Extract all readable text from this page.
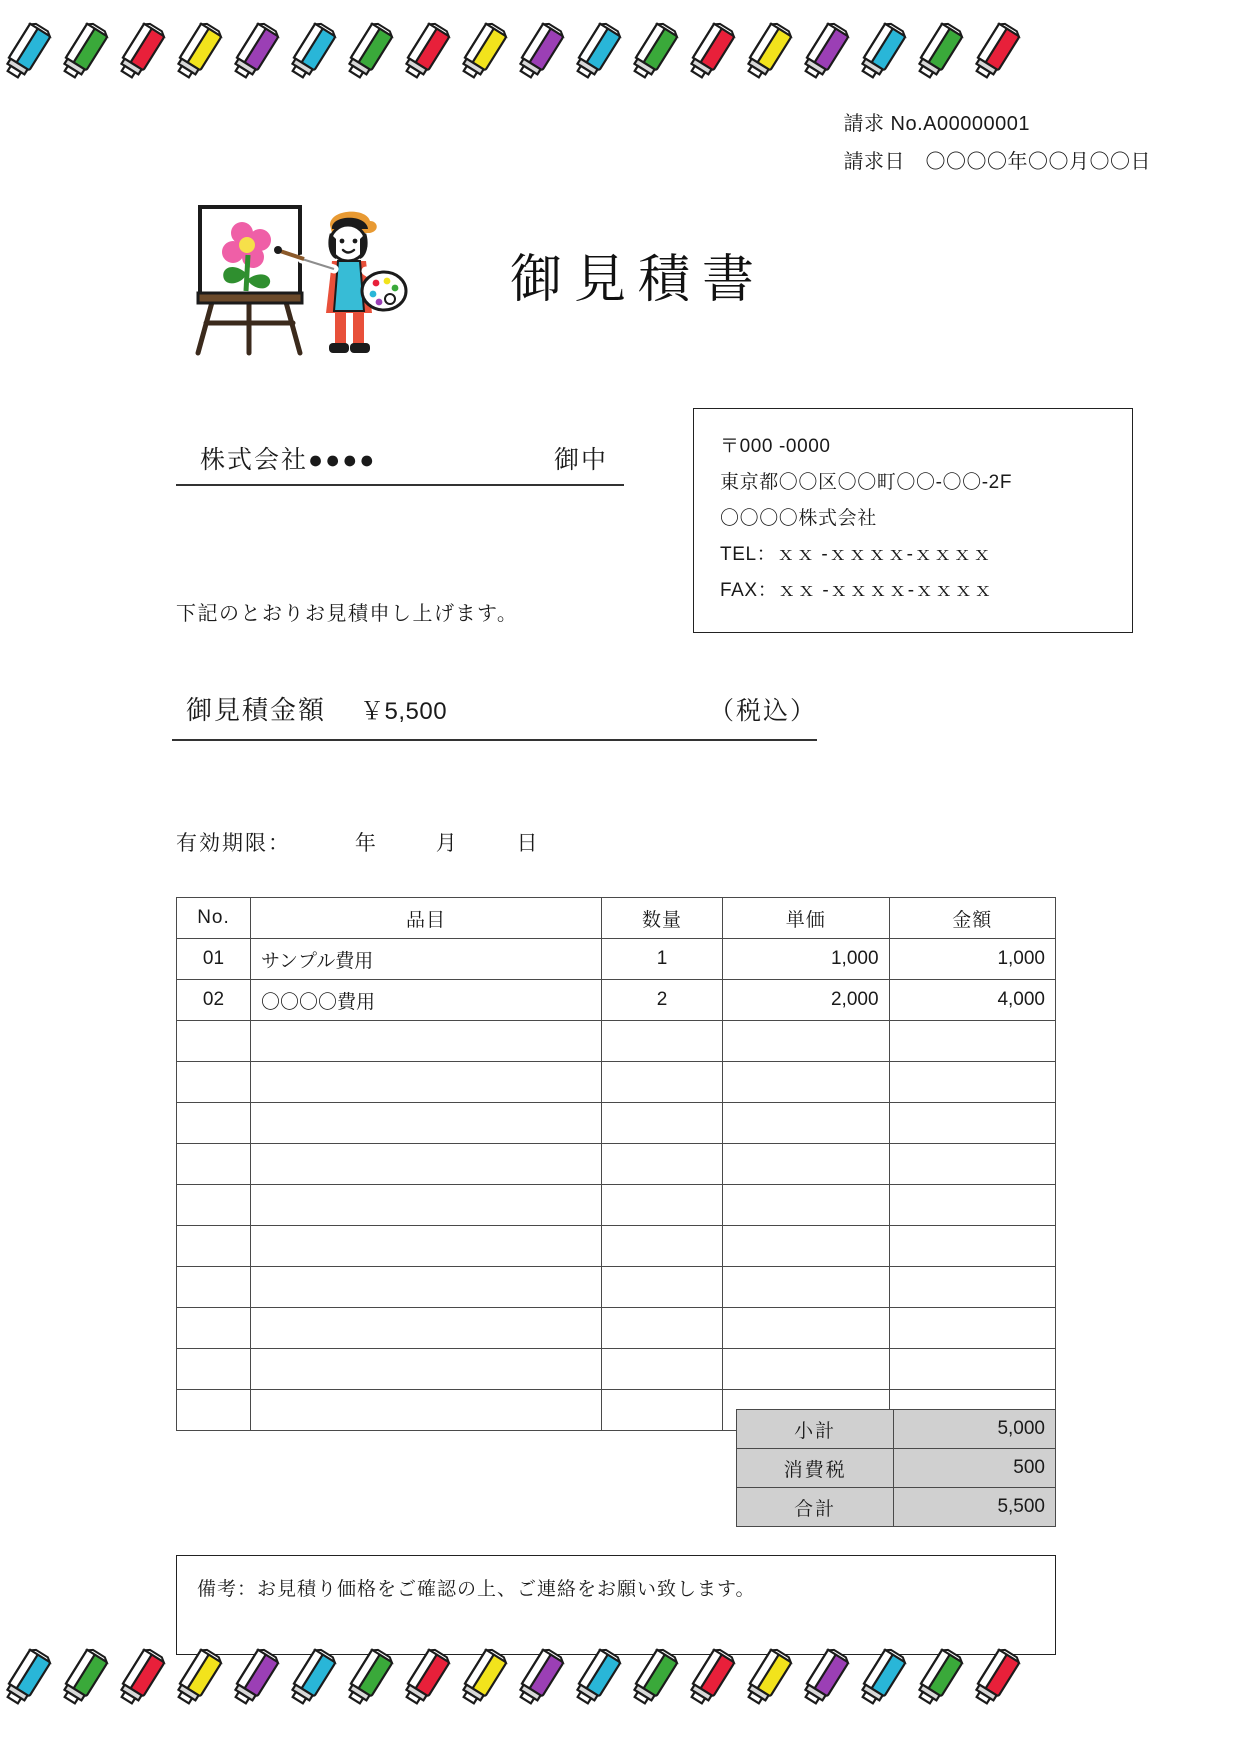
請求 No.A00000001
請求日　〇〇〇〇年〇〇月〇〇日
御見積書
株式会社●●●●	御中	〒000 -0000
東京都〇〇区〇〇町〇〇-〇〇-2F
〇〇〇〇株式会社
TEL：ｘｘ -ｘｘｘｘ-ｘｘｘｘ
FAX：ｘｘ -ｘｘｘｘ-ｘｘｘｘ
下記のとおりお見積申し上げます。
御見積金額 ￥5,500	（税込）
有効期限：	年	月	日
No.	品目	数量	単価	金額
01	サンプル費用	1	1,000	1,000
02	〇〇〇〇費用	2	2,000	4,000

小計	5,000
消費税	500
合計	5,500
備考：お見積り価格をご確認の上、ご連絡をお願い致します。
